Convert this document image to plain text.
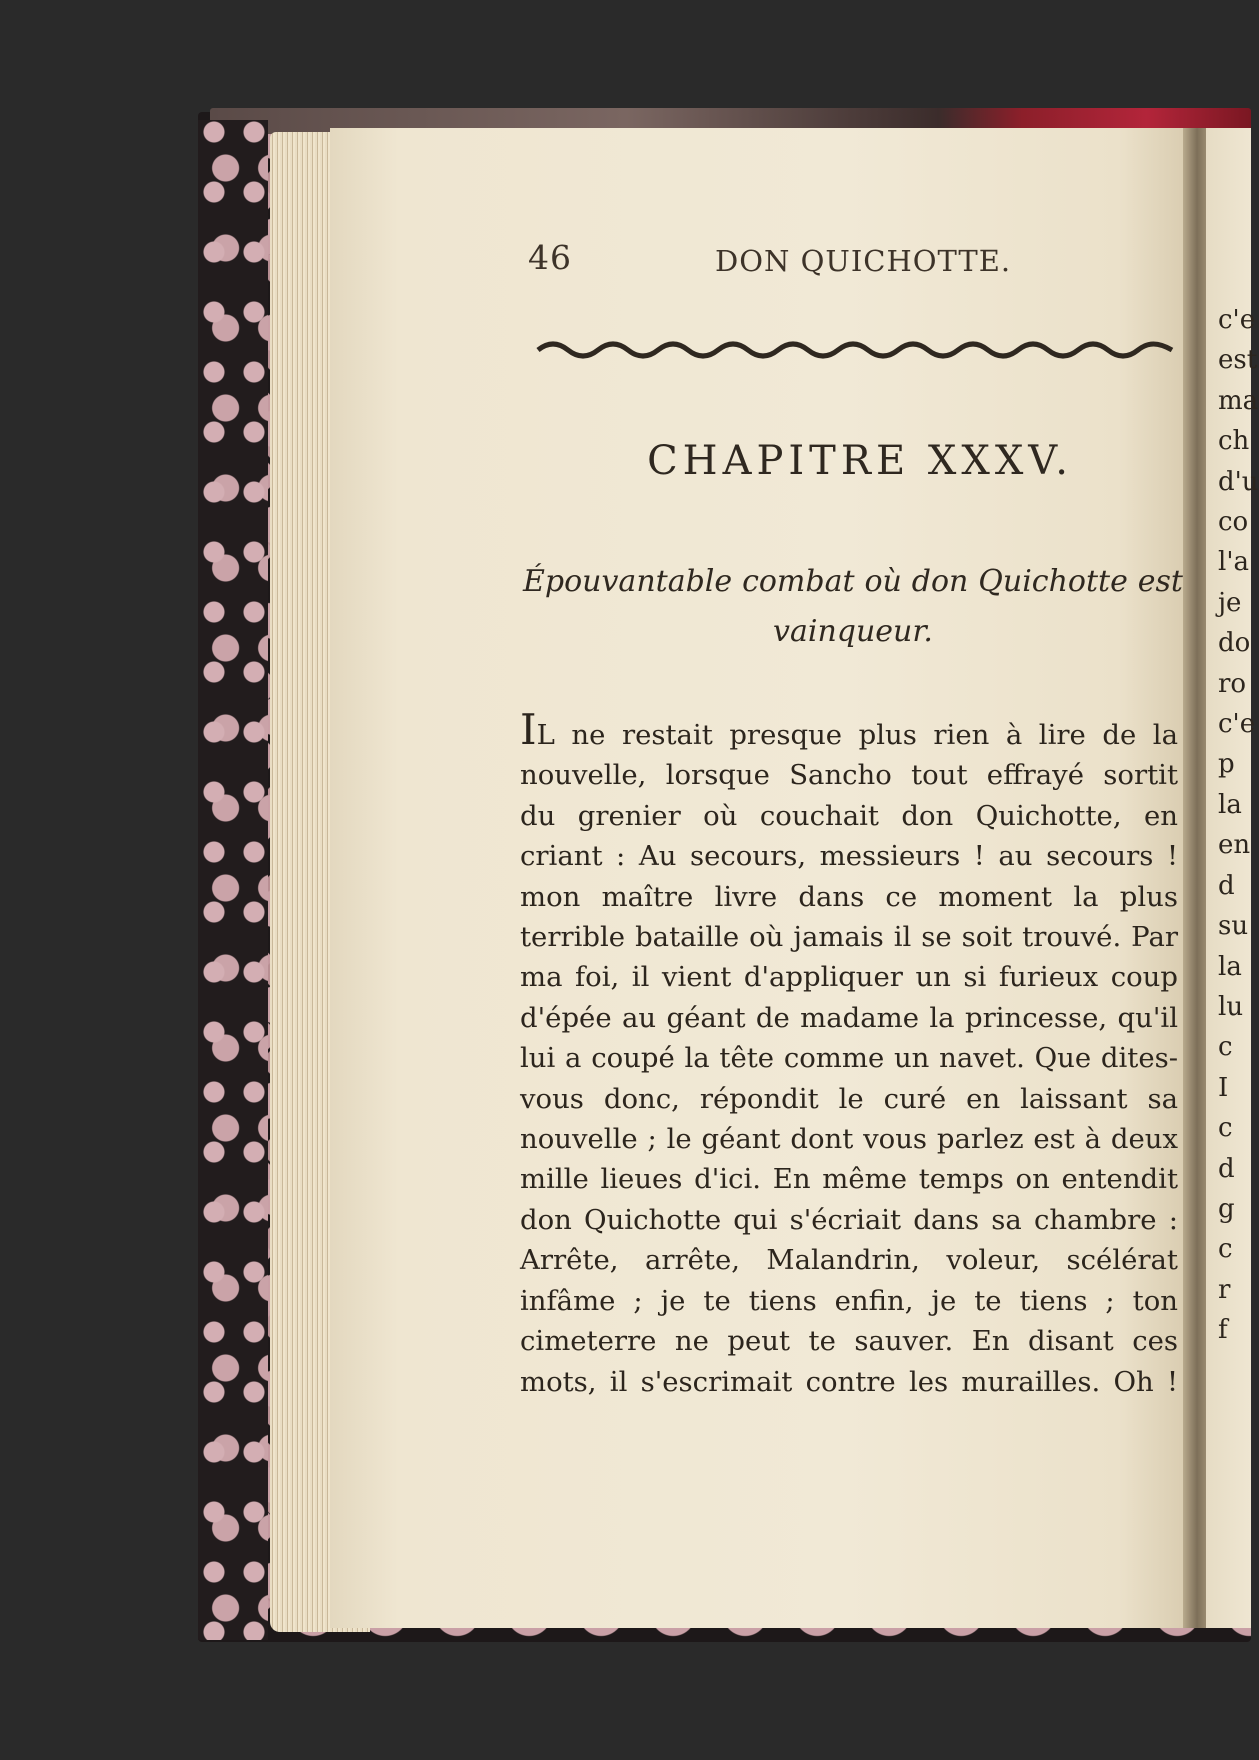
46	DON QUICHOTTE.
CHAPITRE XXXV.
Épouvantable combat où don Quichotte est
vainqueur.
IL ne restait presque plus rien à lire de la
nouvelle, lorsque Sancho tout effrayé sortit
du grenier où couchait don Quichotte, en
criant : Au secours, messieurs ! au secours !
mon maître livre dans ce moment la plus
terrible bataille où jamais il se soit trouvé. Par
ma foi, il vient d'appliquer un si furieux coup
d'épée au géant de madame la princesse, qu'il
lui a coupé la tête comme un navet. Que dites-
vous donc, répondit le curé en laissant sa
nouvelle ; le géant dont vous parlez est à deux
mille lieues d'ici. En même temps on entendit
don Quichotte qui s'écriait dans sa chambre :
Arrête, arrête, Malandrin, voleur, scélérat
infâme ; je te tiens enfin, je te tiens ; ton
cimeterre ne peut te sauver. En disant ces
mots, il s'escrimait contre les murailles. Oh !
c'e
est
ma
ch
d'u
co
l'a
je
do
ro
c'e
p
la
en
d
su
la
lu
c
I
c
d
g
c
r
f
